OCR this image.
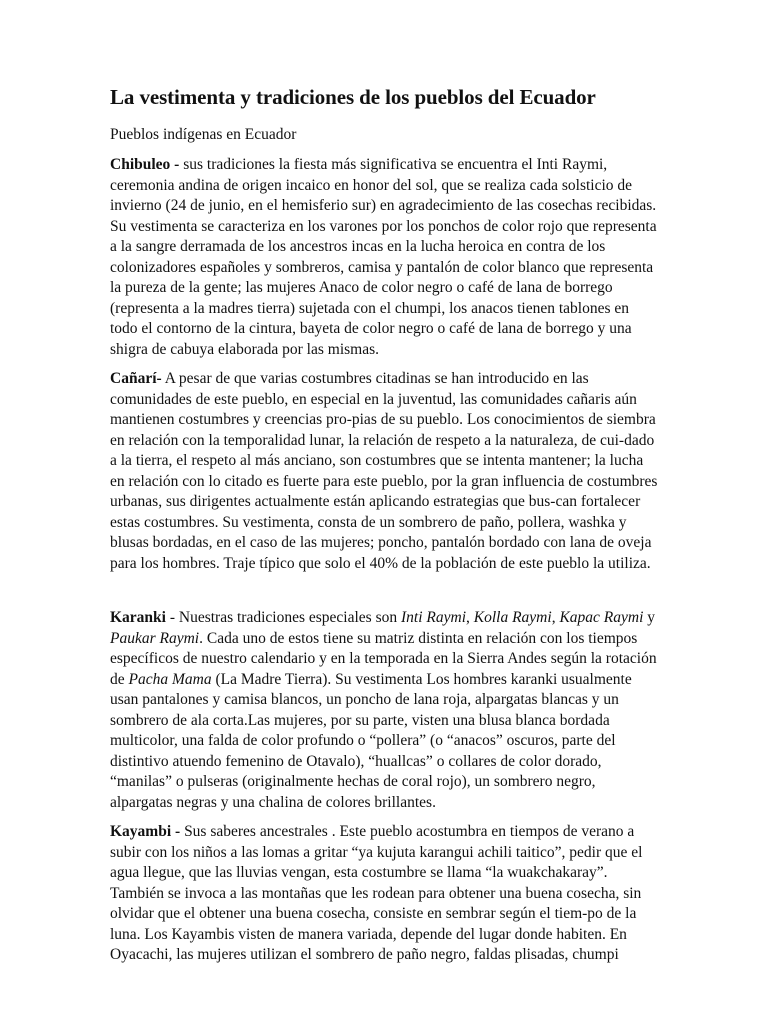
La vestimenta y tradiciones de los pueblos del Ecuador
Pueblos indígenas en Ecuador

Chibuleo - sus tradiciones la fiesta más significativa se encuentra el Inti Raymi, ceremonia andina de origen incaico en honor del sol, que se realiza cada solsticio de invierno (24 de junio, en el hemisferio sur) en agradecimiento de las cosechas recibidas. Su vestimenta se caracteriza en los varones por los ponchos de color rojo que representa a la sangre derramada de los ancestros incas en la lucha heroica en contra de los colonizadores españoles y sombreros, camisa y pantalón de color blanco que representa la pureza de la gente; las mujeres Anaco de color negro o café de lana de borrego (representa a la madres tierra) sujetada con el chumpi, los anacos tienen tablones en todo el contorno de la cintura, bayeta de color negro o café de lana de borrego y una shigra de cabuya elaborada por las mismas.

Cañarí- A pesar de que varias costumbres citadinas se han introducido en las comunidades de este pueblo, en especial en la juventud, las comunidades cañaris aún mantienen costumbres y creencias pro-pias de su pueblo. Los conocimientos de siembra en relación con la temporalidad lunar, la relación de respeto a la naturaleza, de cui-dado a la tierra, el respeto al más anciano, son costumbres que se intenta mantener; la lucha en relación con lo citado es fuerte para este pueblo, por la gran influencia de costumbres urbanas, sus dirigentes actualmente están aplicando estrategias que bus-can fortalecer estas costumbres. Su vestimenta, consta de un sombrero de paño, pollera, washka y blusas bordadas, en el caso de las mujeres; poncho, pantalón bordado con lana de oveja para los hombres. Traje típico que solo el 40% de la población de este pueblo la utiliza.

Karanki - Nuestras tradiciones especiales son Inti Raymi, Kolla Raymi, Kapac Raymi y Paukar Raymi. Cada uno de estos tiene su matriz distinta en relación con los tiempos específicos de nuestro calendario y en la temporada en la Sierra Andes según la rotación de Pacha Mama (La Madre Tierra). Su vestimenta Los hombres karanki usualmente usan pantalones y camisa blancos, un poncho de lana roja, alpargatas blancas y un sombrero de ala corta.Las mujeres, por su parte, visten una blusa blanca bordada multicolor, una falda de color profundo o “pollera” (o “anacos” oscuros, parte del distintivo atuendo femenino de Otavalo), “huallcas” o collares de color dorado, “manilas” o pulseras (originalmente hechas de coral rojo), un sombrero negro, alpargatas negras y una chalina de colores brillantes.

Kayambi - Sus saberes ancestrales . Este pueblo acostumbra en tiempos de verano a subir con los niños a las lomas a gritar “ya kujuta karangui achili taitico”, pedir que el agua llegue, que las lluvias vengan, esta costumbre se llama “la wuakchakaray”. También se invoca a las montañas que les rodean para obtener una buena cosecha, sin olvidar que el obtener una buena cosecha, consiste en sembrar según el tiem-po de la luna. Los Kayambis visten de manera variada, depende del lugar donde habiten. En Oyacachi, las mujeres utilizan el sombrero de paño negro, faldas plisadas, chumpi
